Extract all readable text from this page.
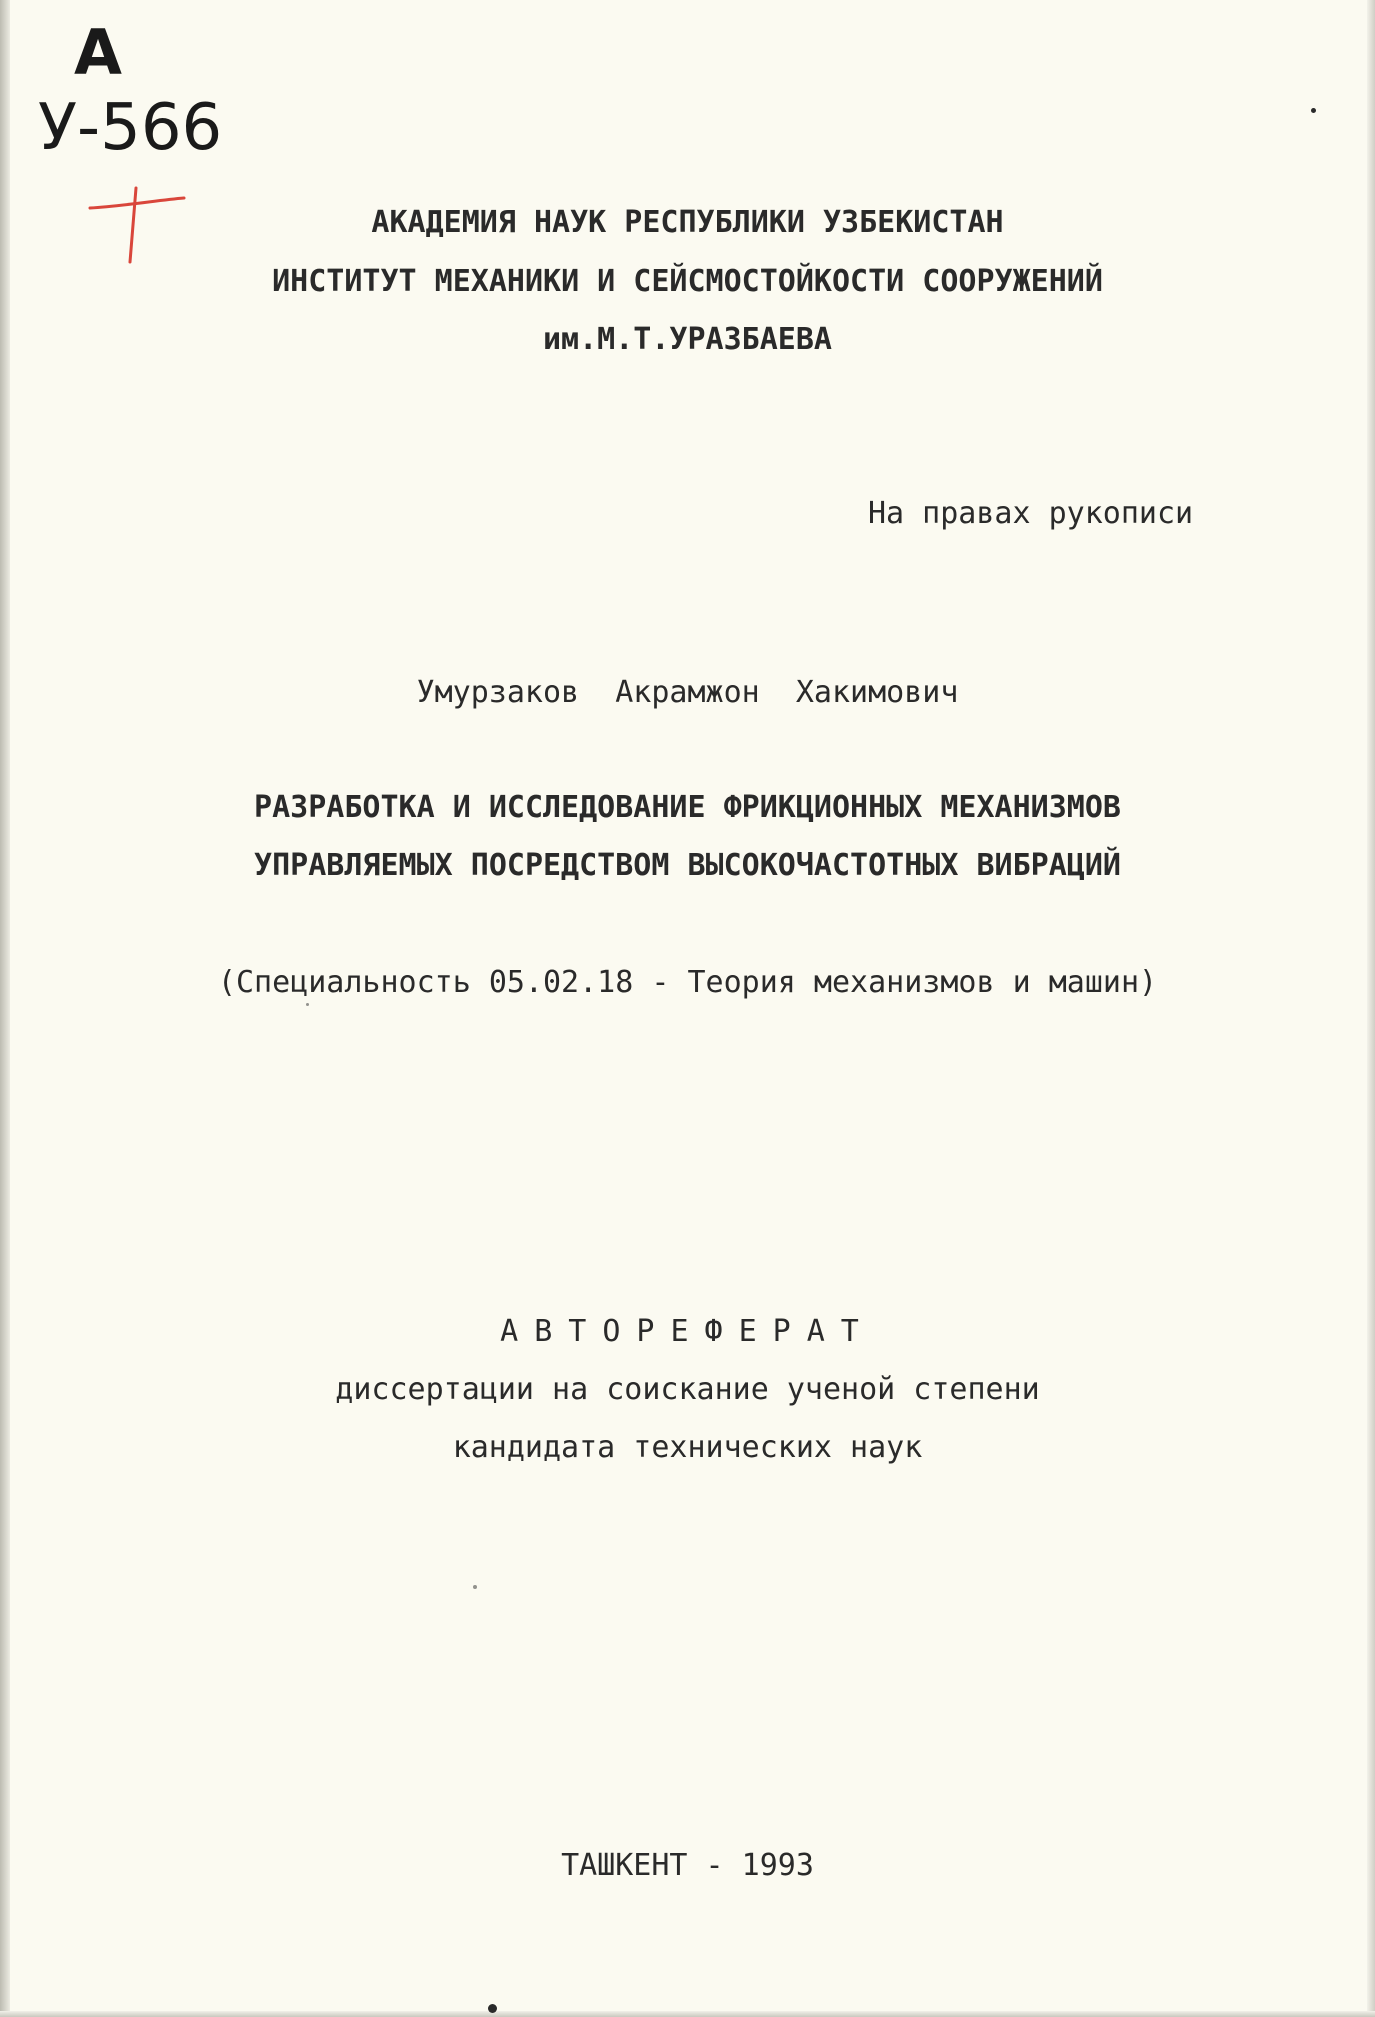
А
У-566

АКАДЕМИЯ НАУК РЕСПУБЛИКИ УЗБЕКИСТАН

ИНСТИТУТ МЕХАНИКИ И СЕЙСМОСТОЙКОСТИ СООРУЖЕНИЙ

им.М.Т.УРАЗБАЕВА

На правах рукописи

Умурзаков  Акрамжон  Хакимович

РАЗРАБОТКА И ИССЛЕДОВАНИЕ ФРИКЦИОННЫХ МЕХАНИЗМОВ

УПРАВЛЯЕМЫХ ПОСРЕДСТВОМ ВЫСОКОЧАСТОТНЫХ ВИБРАЦИЙ

(Специальность 05.02.18 - Теория механизмов и машин)

АВТОРЕФЕРАТ

диссертации на соискание ученой степени

кандидата технических наук

ТАШКЕНТ - 1993
